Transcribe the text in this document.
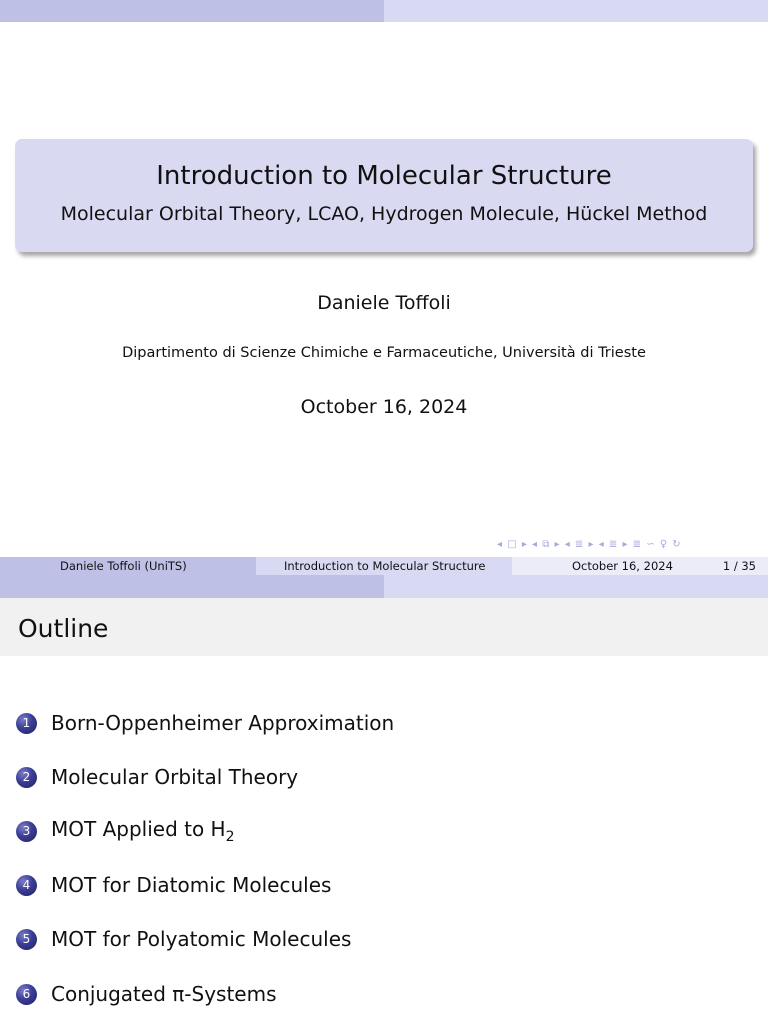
Introduction to Molecular Structure
Molecular Orbital Theory, LCAO, Hydrogen Molecule, Hückel Method
Daniele Toffoli
Dipartimento di Scienze Chimiche e Farmaceutiche, Università di Trieste
October 16, 2024
◂ □ ▸ ◂ ⧉ ▸ ◂ ≣ ▸ ◂ ≣ ▸ ≣ ∽ ♀ ↻
Daniele Toffoli (UniTS)	Introduction to Molecular Structure	October 16, 2024	1 / 35
Outline
1	Born-Oppenheimer Approximation
2	Molecular Orbital Theory
3	MOT Applied to $H_2$
4	MOT for Diatomic Molecules
5	MOT for Polyatomic Molecules
6	Conjugated π-Systems
